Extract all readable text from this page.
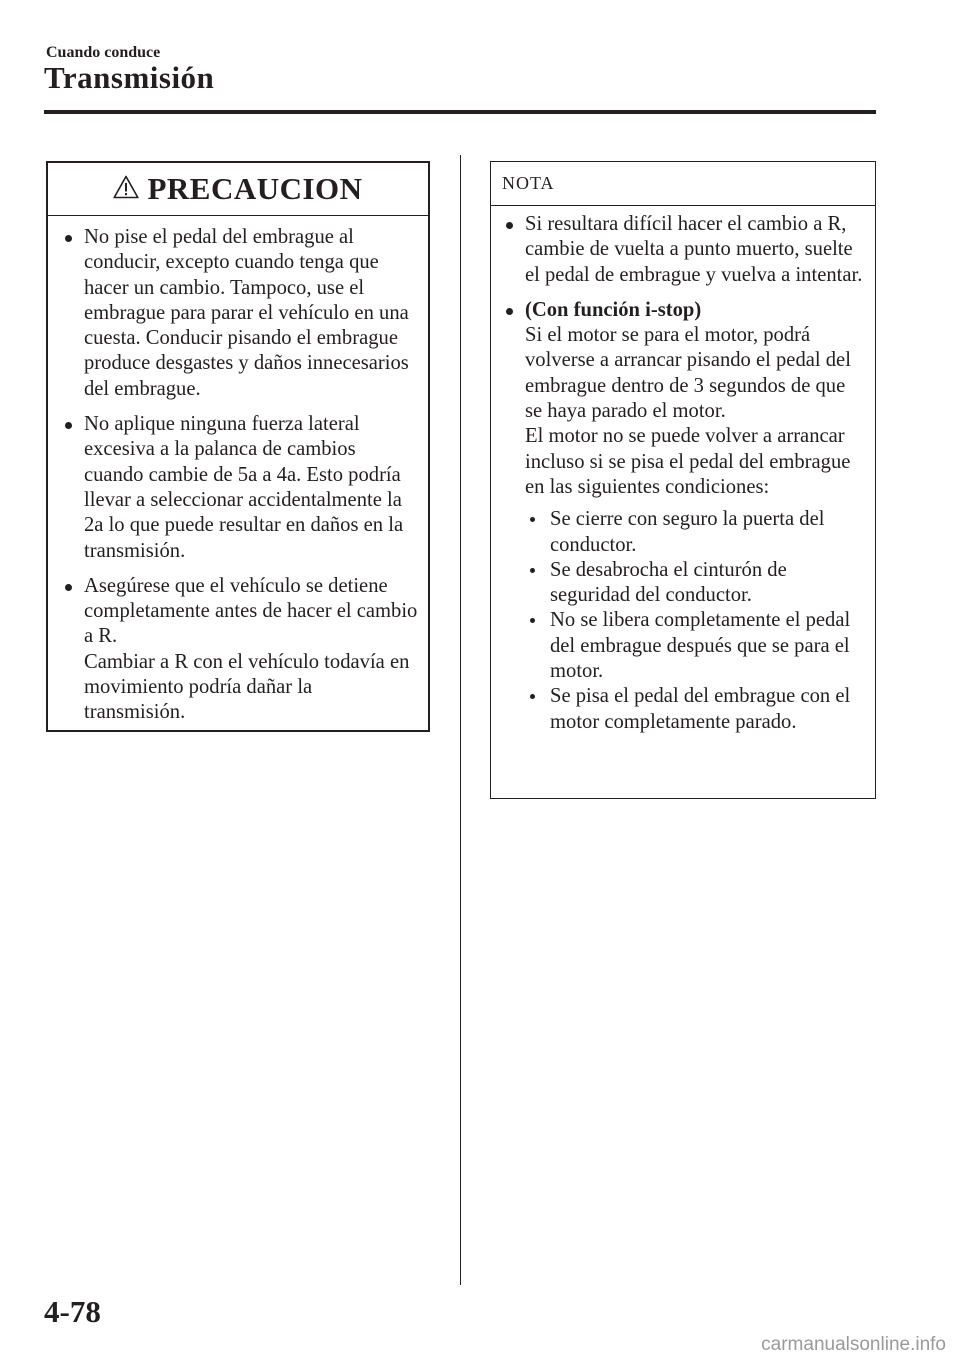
Cuando conduce
Transmisión
PRECAUCION
No pise el pedal del embrague al conducir, excepto cuando tenga que hacer un cambio. Tampoco, use el embrague para parar el vehículo en una cuesta. Conducir pisando el embrague produce desgastes y daños innecesarios del embrague.
No aplique ninguna fuerza lateral excesiva a la palanca de cambios cuando cambie de 5a a 4a. Esto podría llevar a seleccionar accidentalmente la 2a lo que puede resultar en daños en la transmisión.
Asegúrese que el vehículo se detiene completamente antes de hacer el cambio a R.
Cambiar a R con el vehículo todavía en movimiento podría dañar la transmisión.
NOTA
Si resultara difícil hacer el cambio a R, cambie de vuelta a punto muerto, suelte el pedal de embrague y vuelva a intentar.
(Con función i-stop)
Si el motor se para el motor, podrá volverse a arrancar pisando el pedal del embrague dentro de 3 segundos de que se haya parado el motor.
El motor no se puede volver a arrancar incluso si se pisa el pedal del embrague en las siguientes condiciones:
Se cierre con seguro la puerta del conductor.
Se desabrocha el cinturón de seguridad del conductor.
No se libera completamente el pedal del embrague después que se para el motor.
Se pisa el pedal del embrague con el motor completamente parado.
4-78
carmanualsonline.info
